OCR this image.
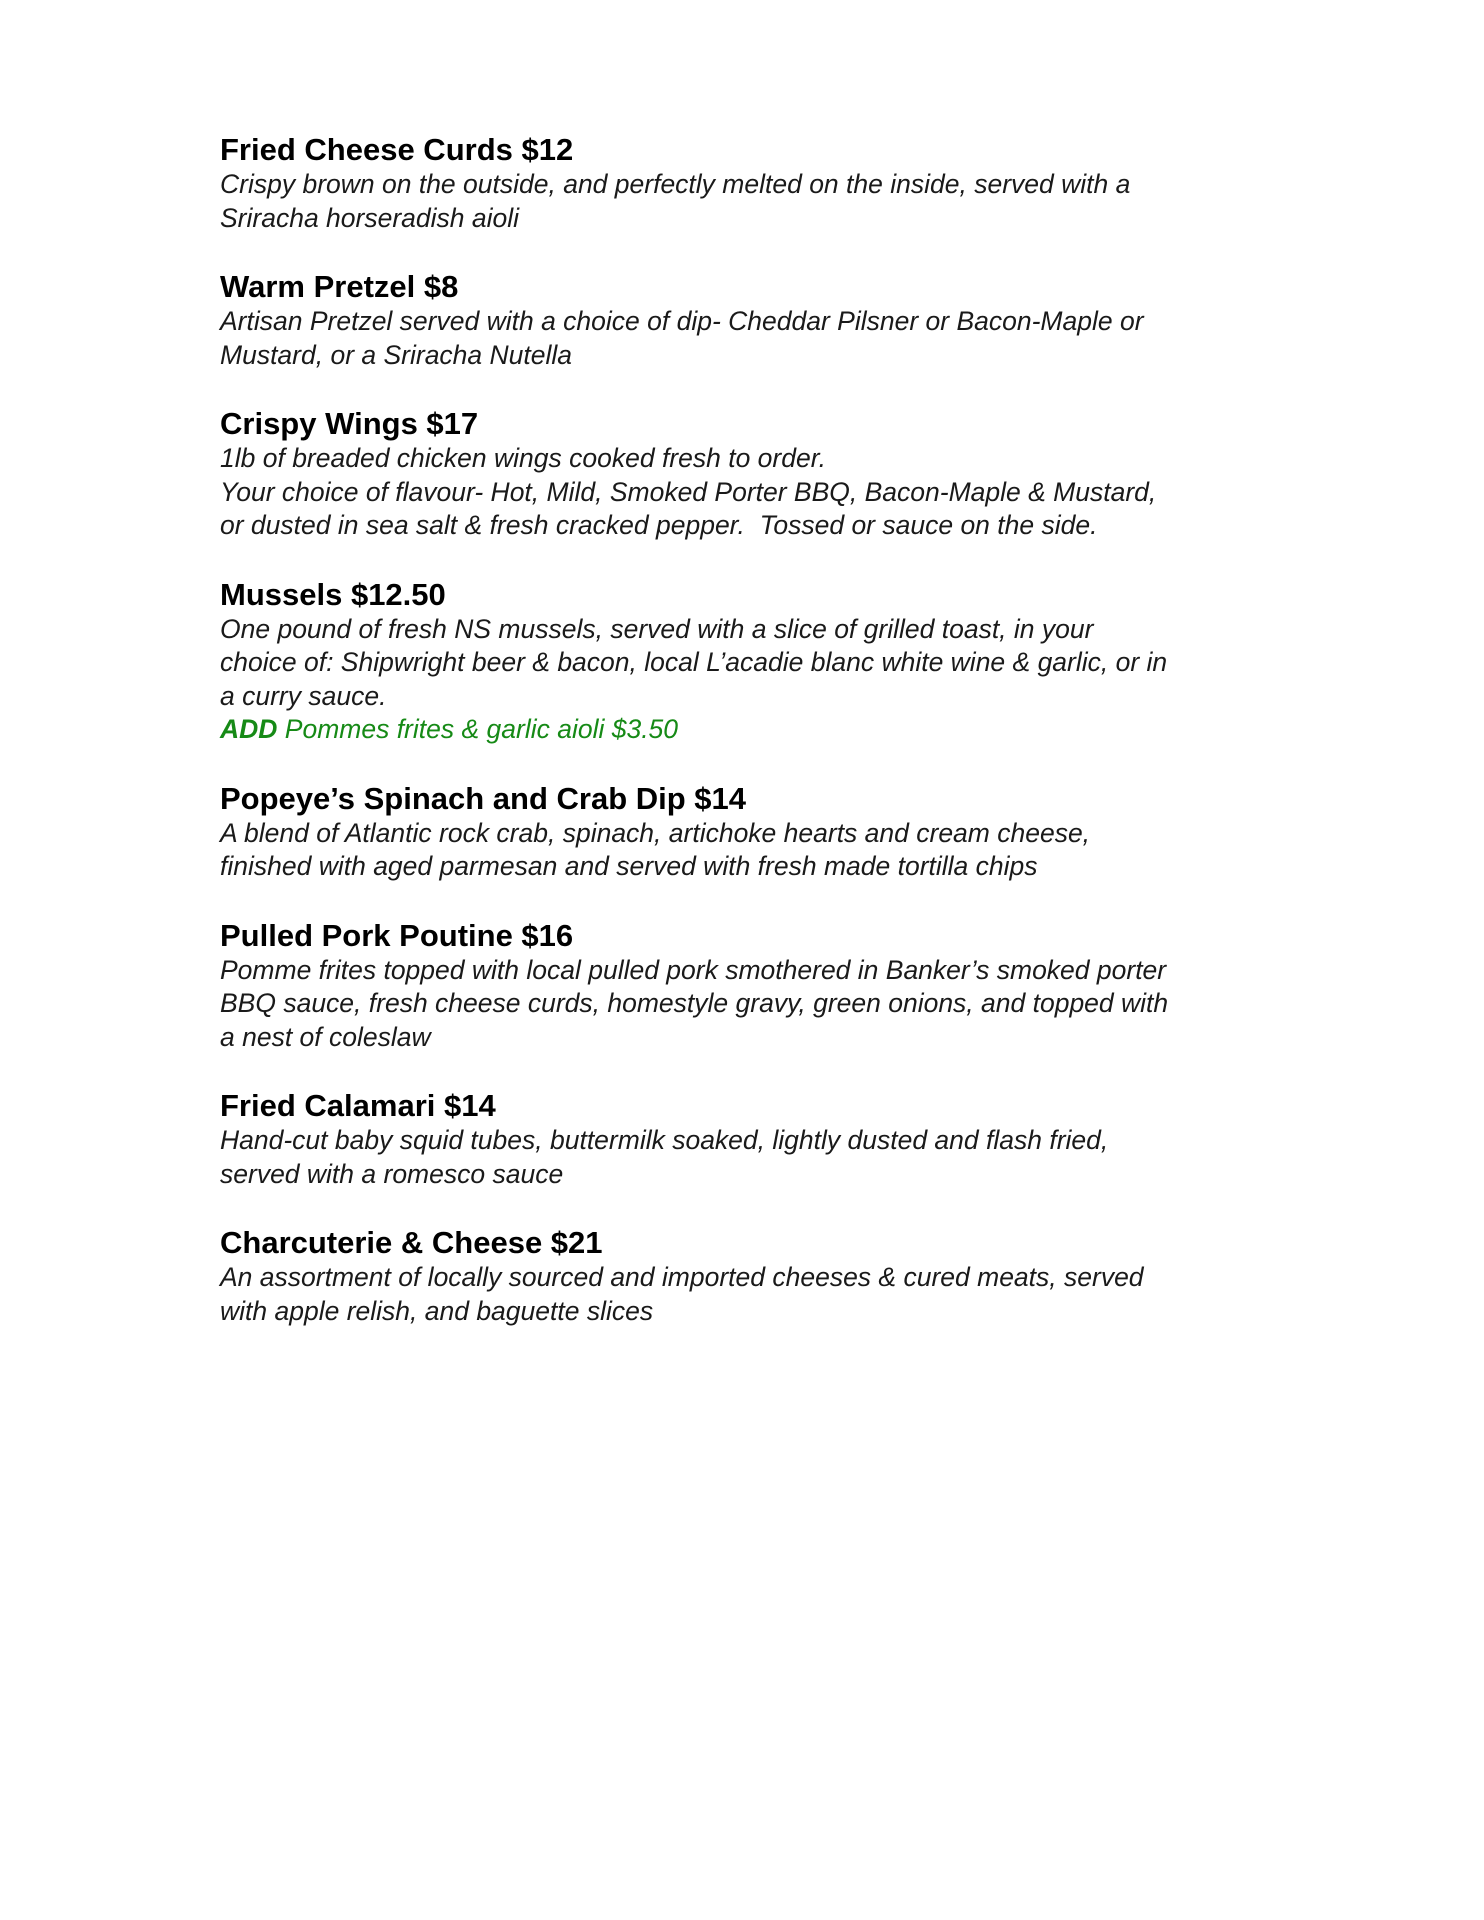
Fried Cheese Curds $12
Crispy brown on the outside, and perfectly melted on the inside, served with a
Sriracha horseradish aioli
Warm Pretzel $8
Artisan Pretzel served with a choice of dip- Cheddar Pilsner or Bacon-Maple or
Mustard, or a Sriracha Nutella
Crispy Wings $17
1lb of breaded chicken wings cooked fresh to order.
Your choice of flavour- Hot, Mild, Smoked Porter BBQ, Bacon-Maple & Mustard,
or dusted in sea salt & fresh cracked pepper.  Tossed or sauce on the side.
Mussels $12.50
One pound of fresh NS mussels, served with a slice of grilled toast, in your
choice of: Shipwright beer & bacon, local L’acadie blanc white wine & garlic, or in
a curry sauce.
ADD Pommes frites & garlic aioli $3.50
Popeye’s Spinach and Crab Dip $14
A blend of Atlantic rock crab, spinach, artichoke hearts and cream cheese,
finished with aged parmesan and served with fresh made tortilla chips
Pulled Pork Poutine $16
Pomme frites topped with local pulled pork smothered in Banker’s smoked porter
BBQ sauce, fresh cheese curds, homestyle gravy, green onions, and topped with
a nest of coleslaw
Fried Calamari $14
Hand-cut baby squid tubes, buttermilk soaked, lightly dusted and flash fried,
served with a romesco sauce
Charcuterie & Cheese $21
An assortment of locally sourced and imported cheeses & cured meats, served
with apple relish, and baguette slices
